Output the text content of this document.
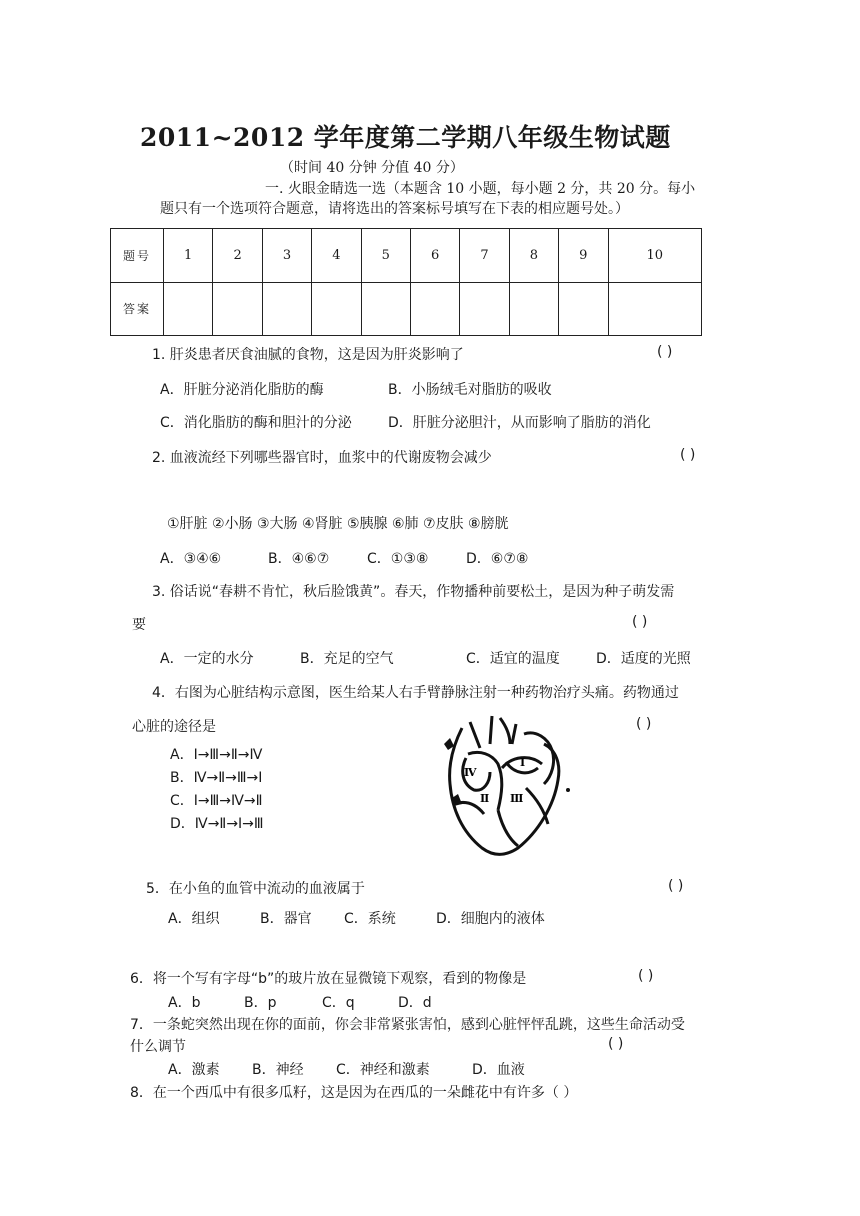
2011~2012 学年度第二学期八年级生物试题
（时间 40 分钟 分值 40 分）
一. 火眼金睛选一选（本题含 10 小题，每小题 2 分，共 20 分。每小
题只有一个选项符合题意，请将选出的答案标号填写在下表的相应题号处。）
题号	1	2	3	4	5	6	7	8	9	10
答案										
1. 肝炎患者厌食油腻的食物，这是因为肝炎影响了	( )
A．肝脏分泌消化脂肪的酶	B．小肠绒毛对脂肪的吸收
C．消化脂肪的酶和胆汁的分泌	D．肝脏分泌胆汁，从而影响了脂肪的消化
2. 血液流经下列哪些器官时，血浆中的代谢废物会减少	( )
①肝脏 ②小肠 ③大肠 ④肾脏 ⑤胰腺 ⑥肺 ⑦皮肤 ⑧膀胱
A．③④⑥	B．④⑥⑦	C．①③⑧	D．⑥⑦⑧
3. 俗话说“春耕不肯忙，秋后脸饿黄”。春天，作物播种前要松土，是因为种子萌发需
要	( )
A．一定的水分	B．充足的空气	C．适宜的温度	D．适度的光照
4．右图为心脏结构示意图，医生给某人右手臂静脉注射一种药物治疗头痛。药物通过
心脏的途径是	( )
A．Ⅰ→Ⅲ→Ⅱ→Ⅳ
B．Ⅳ→Ⅱ→Ⅲ→Ⅰ
C．Ⅰ→Ⅲ→Ⅳ→Ⅱ
D．Ⅳ→Ⅱ→Ⅰ→Ⅲ
Ⅳ
Ⅰ
Ⅱ Ⅲ
5．在小鱼的血管中流动的血液属于	( )
A．组织	B．器官 C．系统	D．细胞内的液体
6．将一个写有字母“b”的玻片放在显微镜下观察，看到的物像是	( )
A．b	B．p	C．q	D．d
7．一条蛇突然出现在你的面前，你会非常紧张害怕，感到心脏怦怦乱跳，这些生命活动受
什么调节	( )
A．激素 B．神经 C．神经和激素	D．血液
8．在一个西瓜中有很多瓜籽，这是因为在西瓜的一朵雌花中有许多（ ）
